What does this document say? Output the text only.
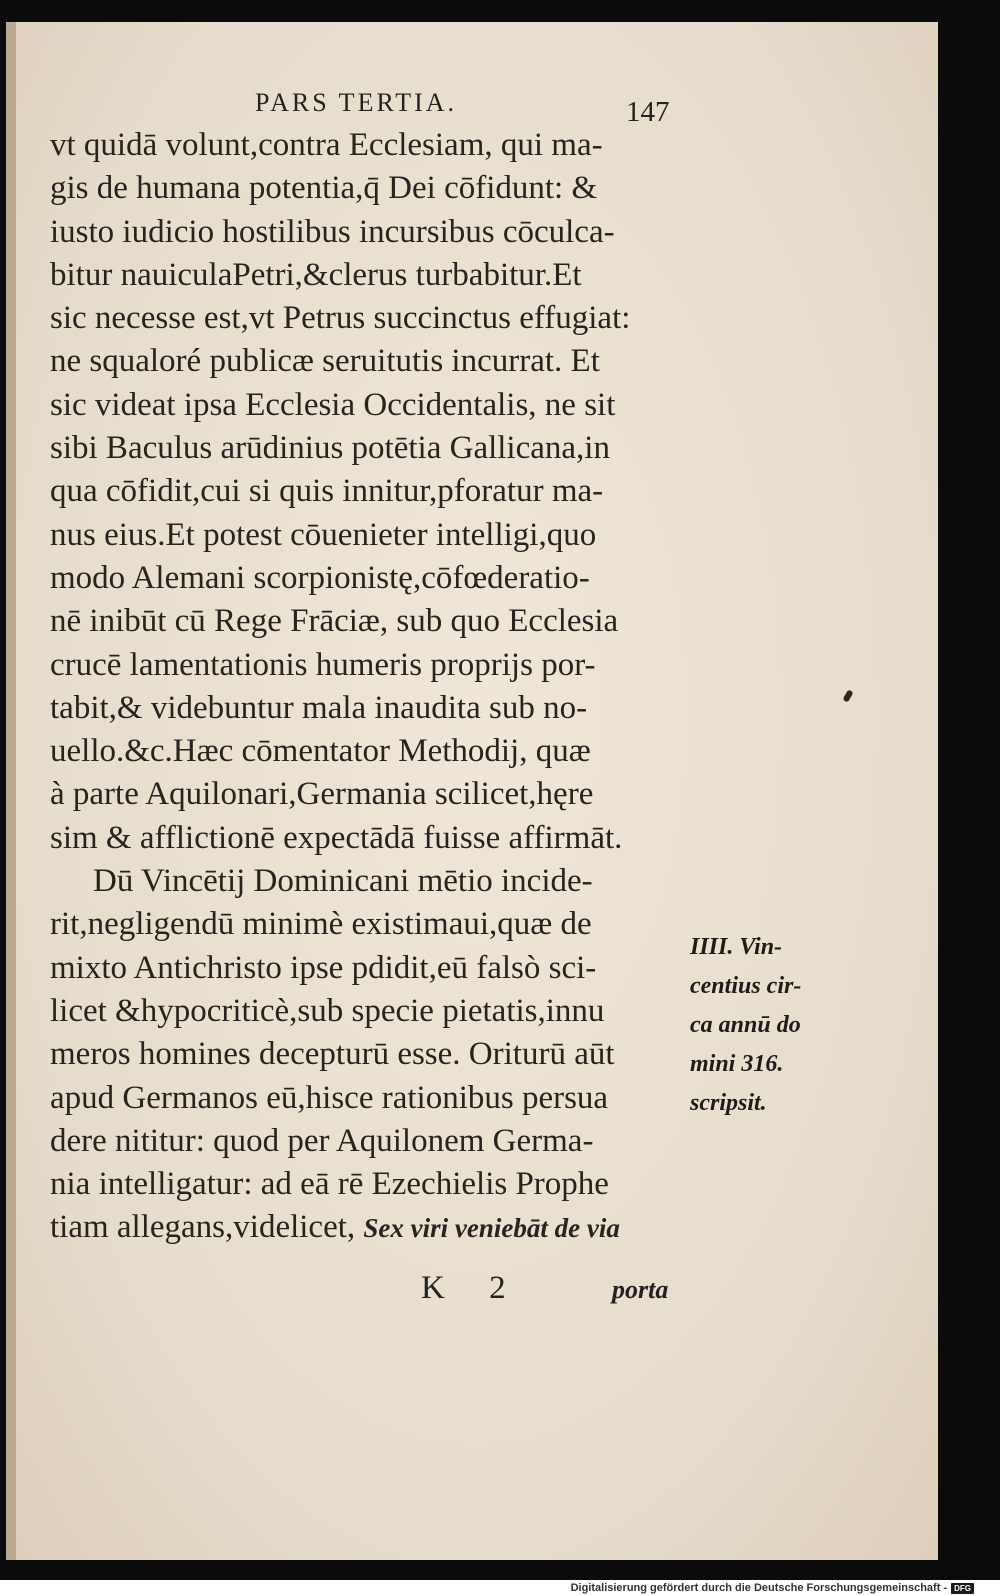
PARS TERTIA.	147
vt quidā volunt,contra Ecclesiam, qui ma-
gis de humana potentia,q̄ Dei cōfidunt: &
iusto iudicio hostilibus incursibus cōculca-
bitur nauiculaPetri,&clerus turbabitur.Et
sic necesse est,vt Petrus succinctus effugiat:
ne squaloré publicæ seruitutis incurrat. Et
sic videat ipsa Ecclesia Occidentalis, ne sit
sibi Baculus arūdinius potētia Gallicana,in
qua cōfidit,cui si quis innitur,pforatur ma-
nus eius.Et potest cōuenieter intelligi,quo
modo Alemani scorpionistę,cōfœderatio-
nē inibūt cū Rege Frāciæ, sub quo Ecclesia
crucē lamentationis humeris proprijs por-
tabit,& videbuntur mala inaudita sub no-
uello.&c.Hæc cōmentator Methodij, quæ
à parte Aquilonari,Germania scilicet,hęre
sim & afflictionē expectādā fuisse affirmāt.
Dū Vincētij Dominicani mētio incide-
rit,negligendū minimè existimaui,quæ de
mixto Antichristo ipse pdidit,eū falsò sci-
licet &hypocriticè,sub specie pietatis,innu
meros homines decepturū esse. Oriturū aūt
apud Germanos eū,hisce rationibus persua
dere nititur: quod per Aquilonem Germa-
nia intelligatur: ad eā rē Ezechielis Prophe
tiam allegans,videlicet, Sex viri veniebāt de via
IIII. Vin-
centius cir-
ca annū do
mini 316.
scripsit.
K 2	porta
Digitalisierung gefördert durch die Deutsche Forschungsgemeinschaft - DFG
